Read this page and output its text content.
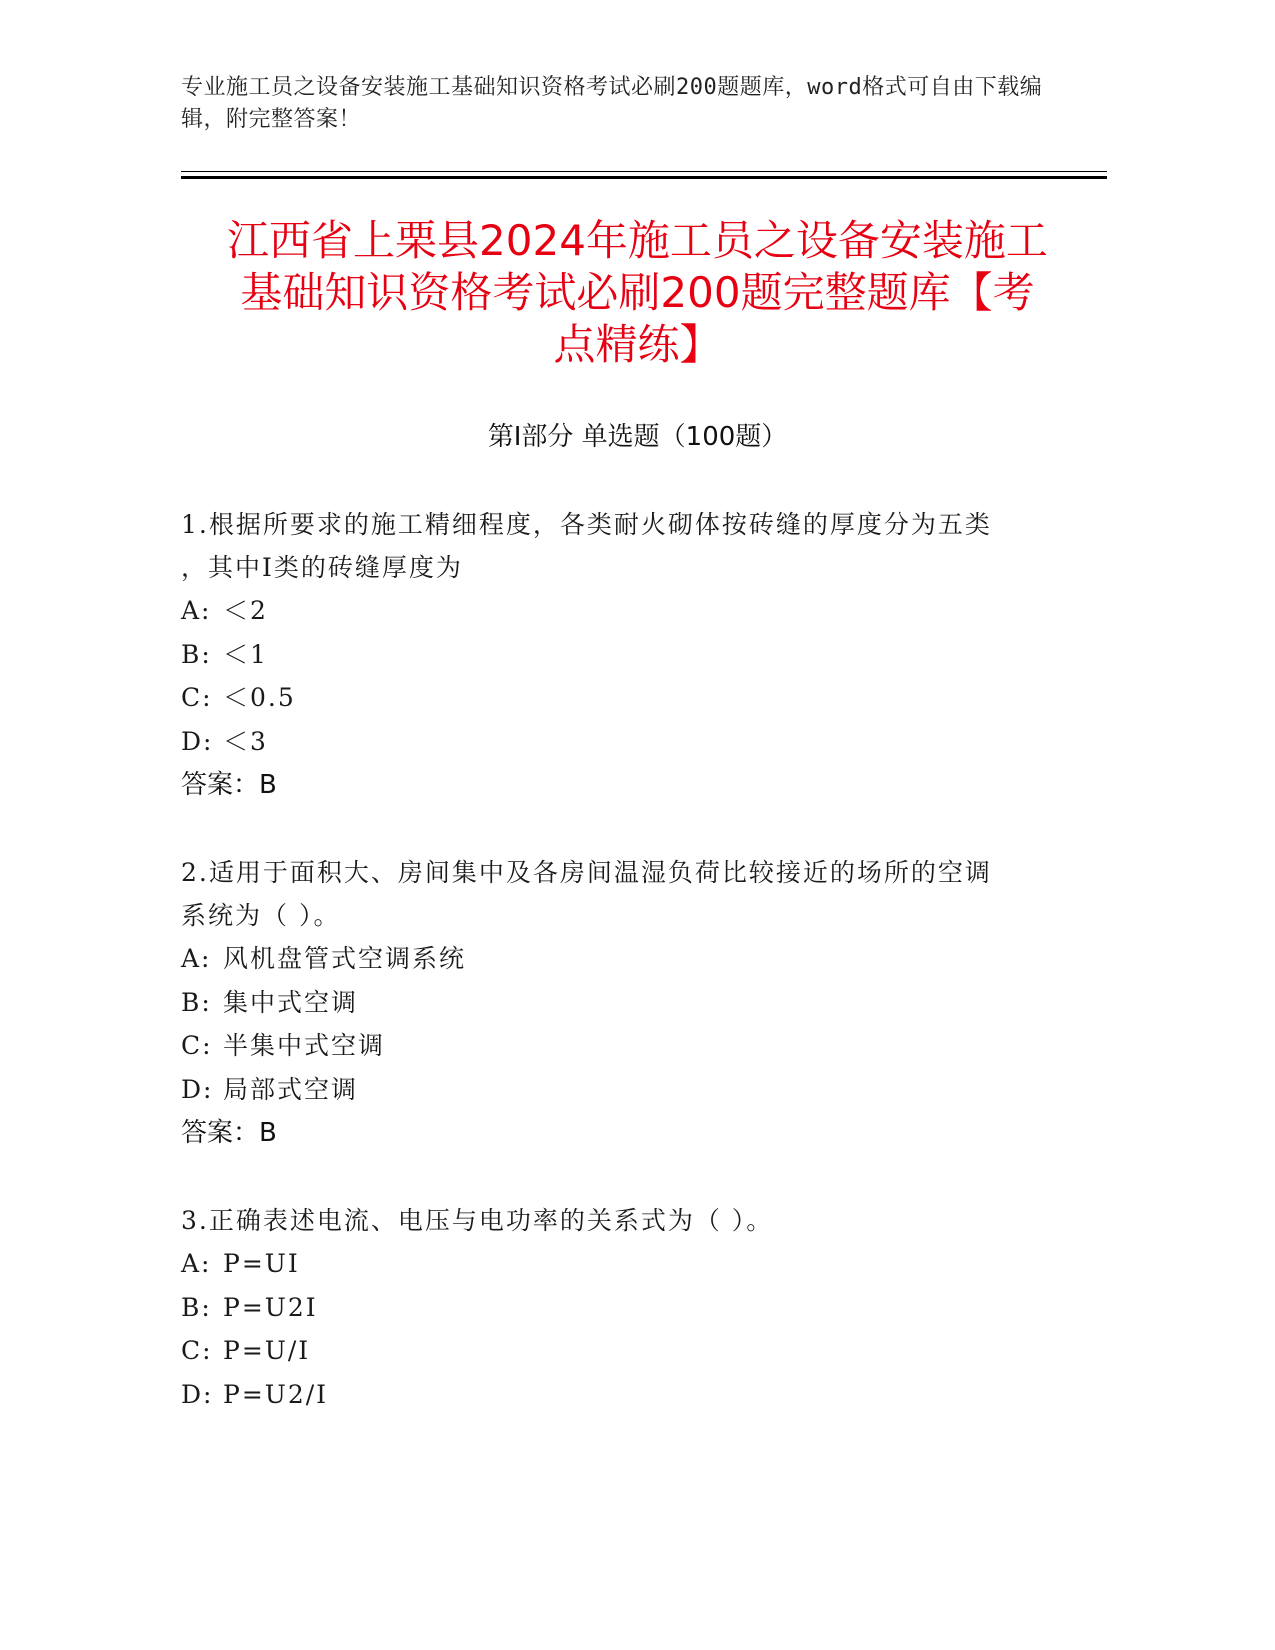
专业施工员之设备安装施工基础知识资格考试必刷200题题库，word格式可自由下载编辑，附完整答案！
江西省上栗县2024年施工员之设备安装施工
基础知识资格考试必刷200题完整题库【考
点精练】
第Ⅰ部分 单选题（100题）
1.根据所要求的施工精细程度，各类耐火砌体按砖缝的厚度分为五类
，其中Ⅰ类的砖缝厚度为
A: ＜2
B: ＜1
C: ＜0.5
D: ＜3
答案：B
2.适用于面积大、房间集中及各房间温湿负荷比较接近的场所的空调
系统为（ ）。
A: 风机盘管式空调系统
B: 集中式空调
C: 半集中式空调
D: 局部式空调
答案：B
3.正确表述电流、电压与电功率的关系式为（ ）。
A: P=UI
B: P=U2I
C: P=U/I
D: P=U2/I
